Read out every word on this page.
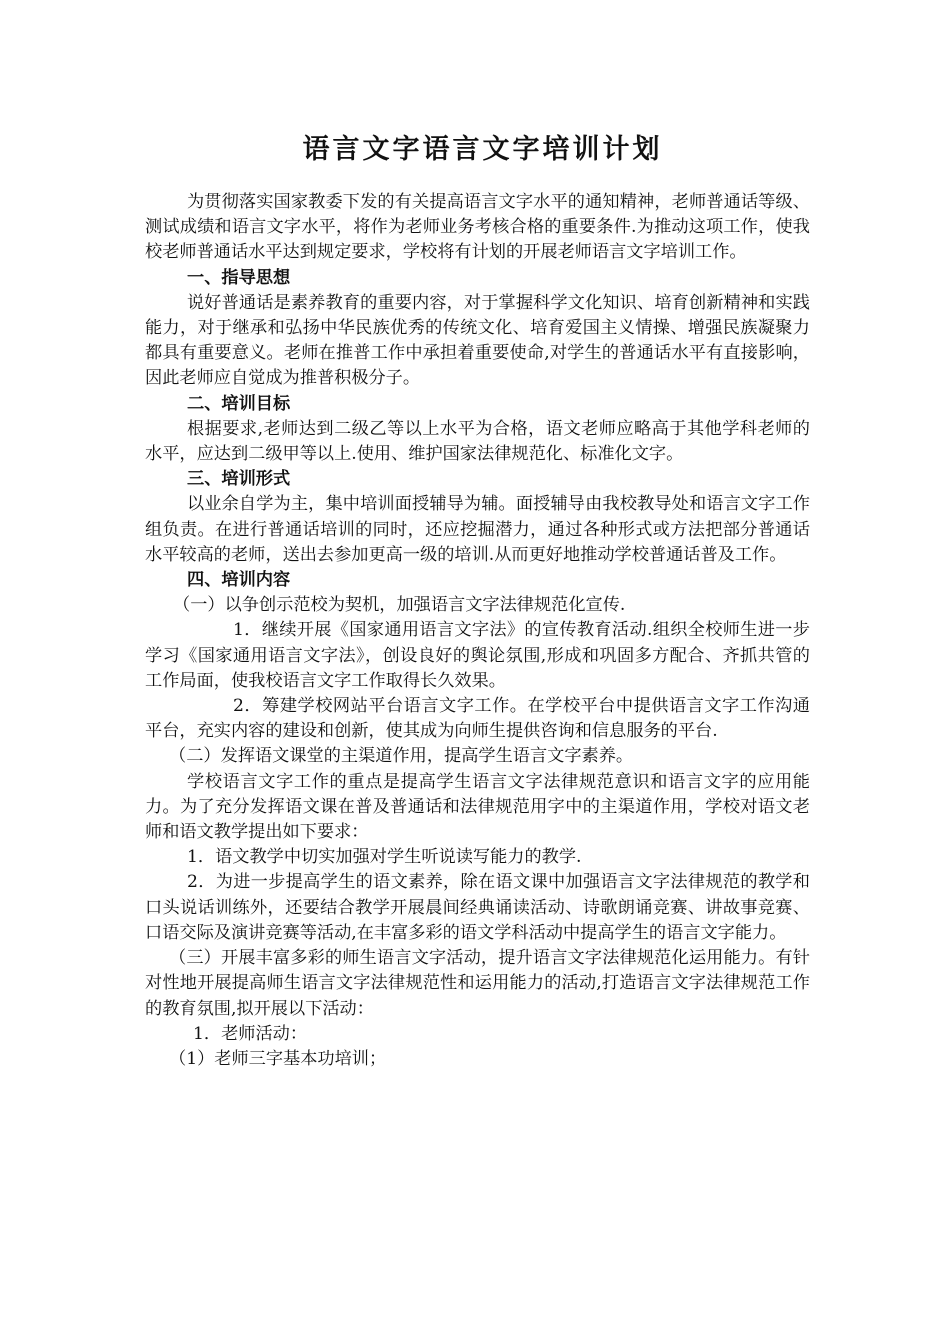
语言文字语言文字培训计划

为贯彻落实国家教委下发的有关提高语言文字水平的通知精神，老师普通话等级、测试成绩和语言文字水平，将作为老师业务考核合格的重要条件.为推动这项工作，使我校老师普通话水平达到规定要求，学校将有计划的开展老师语言文字培训工作。

一、指导思想

说好普通话是素养教育的重要内容，对于掌握科学文化知识、培育创新精神和实践能力，对于继承和弘扬中华民族优秀的传统文化、培育爱国主义情操、增强民族凝聚力都具有重要意义。老师在推普工作中承担着重要使命,对学生的普通话水平有直接影响，因此老师应自觉成为推普积极分子。

二、培训目标

根据要求,老师达到二级乙等以上水平为合格，语文老师应略高于其他学科老师的水平，应达到二级甲等以上.使用、维护国家法律规范化、标准化文字。

三、培训形式

以业余自学为主，集中培训面授辅导为辅。面授辅导由我校教导处和语言文字工作组负责。在进行普通话培训的同时，还应挖掘潜力，通过各种形式或方法把部分普通话水平较高的老师，送出去参加更高一级的培训.从而更好地推动学校普通话普及工作。

四、培训内容

（一）以争创示范校为契机，加强语言文字法律规范化宣传.

1．继续开展《国家通用语言文字法》的宣传教育活动.组织全校师生进一步学习《国家通用语言文字法》，创设良好的舆论氛围,形成和巩固多方配合、齐抓共管的工作局面，使我校语言文字工作取得长久效果。

2．筹建学校网站平台语言文字工作。在学校平台中提供语言文字工作沟通平台，充实内容的建设和创新，使其成为向师生提供咨询和信息服务的平台.

（二）发挥语文课堂的主渠道作用，提高学生语言文字素养。

学校语言文字工作的重点是提高学生语言文字法律规范意识和语言文字的应用能力。为了充分发挥语文课在普及普通话和法律规范用字中的主渠道作用，学校对语文老师和语文教学提出如下要求：

1．语文教学中切实加强对学生听说读写能力的教学.

2．为进一步提高学生的语文素养，除在语文课中加强语言文字法律规范的教学和口头说话训练外，还要结合教学开展晨间经典诵读活动、诗歌朗诵竞赛、讲故事竞赛、口语交际及演讲竞赛等活动,在丰富多彩的语文学科活动中提高学生的语言文字能力。

（三）开展丰富多彩的师生语言文字活动，提升语言文字法律规范化运用能力。有针对性地开展提高师生语言文字法律规范性和运用能力的活动,打造语言文字法律规范工作的教育氛围,拟开展以下活动：

1．老师活动：

（1）老师三字基本功培训；
